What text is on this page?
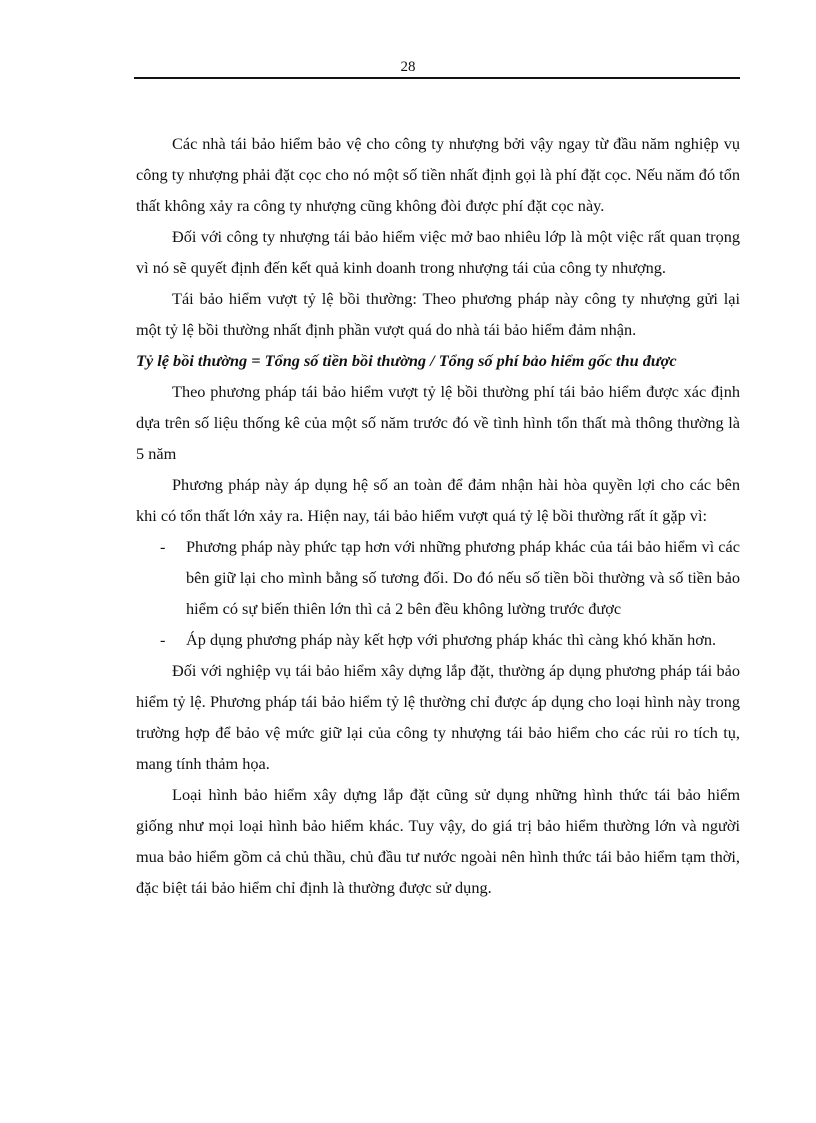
28

Các nhà tái bảo hiểm bảo vệ cho công ty nhượng bởi vậy ngay từ đầu năm nghiệp vụ công ty nhượng phải đặt cọc cho nó một số tiền nhất định gọi là phí đặt cọc. Nếu năm đó tổn thất không xảy ra công ty nhượng cũng không đòi được phí đặt cọc này.

Đối với công ty nhượng tái bảo hiểm việc mở bao nhiêu lớp là một việc rất quan trọng vì nó sẽ quyết định đến kết quả kinh doanh trong nhượng tái của công ty nhượng.

Tái bảo hiểm vượt tỷ lệ bồi thường: Theo phương pháp này công ty nhượng gửi lại một tỷ lệ bồi thường nhất định phần vượt quá do nhà tái bảo hiểm đảm nhận.

Tỷ lệ bồi thường = Tổng số tiền bồi thường / Tổng số phí bảo hiểm gốc thu được

Theo phương pháp tái bảo hiểm vượt tỷ lệ bồi thường phí tái bảo hiểm được xác định dựa trên số liệu thống kê của một số năm trước đó về tình hình tổn thất mà thông thường là 5 năm

Phương pháp này áp dụng hệ số an toàn để đảm nhận hài hòa quyền lợi cho các bên khi có tổn thất lớn xảy ra. Hiện nay, tái bảo hiểm vượt quá tỷ lệ bồi thường rất ít gặp vì:

- Phương pháp này phức tạp hơn với những phương pháp khác của tái bảo hiểm vì các bên giữ lại cho mình bằng số tương đối. Do đó nếu số tiền bồi thường và số tiền bảo hiểm có sự biến thiên lớn thì cả 2 bên đều không lường trước được

- Áp dụng phương pháp này kết hợp với phương pháp khác thì càng khó khăn hơn.

Đối với nghiệp vụ tái bảo hiểm xây dựng lắp đặt, thường áp dụng phương pháp tái bảo hiểm tỷ lệ. Phương pháp tái bảo hiểm tỷ lệ thường chỉ được áp dụng cho loại hình này trong trường hợp để bảo vệ mức giữ lại của công ty nhượng tái bảo hiểm cho các rủi ro tích tụ, mang tính thảm họa.

Loại hình bảo hiểm xây dựng lắp đặt cũng sử dụng những hình thức tái bảo hiểm giống như mọi loại hình bảo hiểm khác. Tuy vậy, do giá trị bảo hiểm thường lớn và người mua bảo hiểm gồm cả chủ thầu, chủ đầu tư nước ngoài nên hình thức tái bảo hiểm tạm thời, đặc biệt tái bảo hiểm chỉ định là thường được sử dụng.
